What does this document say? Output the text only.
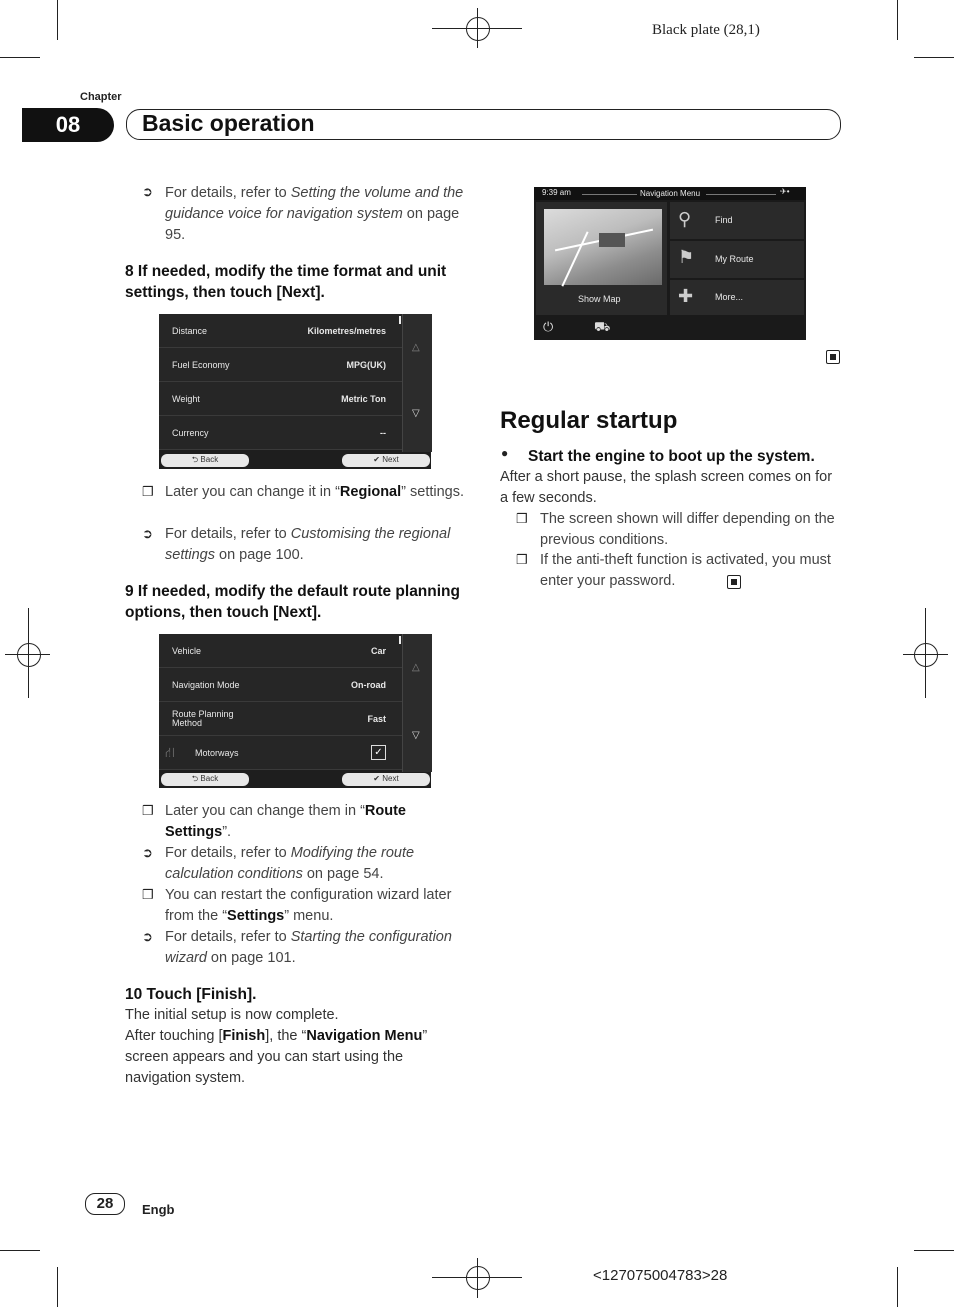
Black plate (28,1)
Chapter
08	Basic operation
➲ For details, refer to Setting the volume and the guidance voice for navigation system on page 95.
8 If needed, modify the time format and unit settings, then touch [Next].
Distance	Kilometres/metres
Fuel Economy	MPG(UK)
Weight	Metric Ton
Currency	--
△
▽
⮌ Back	✔ Next
❒ Later you can change it in “Regional” settings.
➲ For details, refer to Customising the regional settings on page 100.
9 If needed, modify the default route planning options, then touch [Next].
Vehicle	Car
Navigation Mode	On-road
Route Planning Method	Fast
⛙ Motorways	✓
△
▽
⮌ Back	✔ Next
❒ Later you can change them in “Route Settings”.
➲ For details, refer to Modifying the route calculation conditions on page 54.
❒ You can restart the configuration wizard later from the “Settings” menu.
➲ For details, refer to Starting the configuration wizard on page 101.
10 Touch [Finish].
The initial setup is now complete.
After touching [Finish], the “Navigation Menu” screen appears and you can start using the navigation system.
9:39 am	Navigation Menu	✈•
Show Map
⚲	Find
⚑ My Route
✚ More...
⏻	⛟
Regular startup
● Start the engine to boot up the system.
After a short pause, the splash screen comes on for a few seconds.
❒ The screen shown will differ depending on the previous conditions.
❒ If the anti-theft function is activated, you must enter your password.
28	Engb
<127075004783>28
